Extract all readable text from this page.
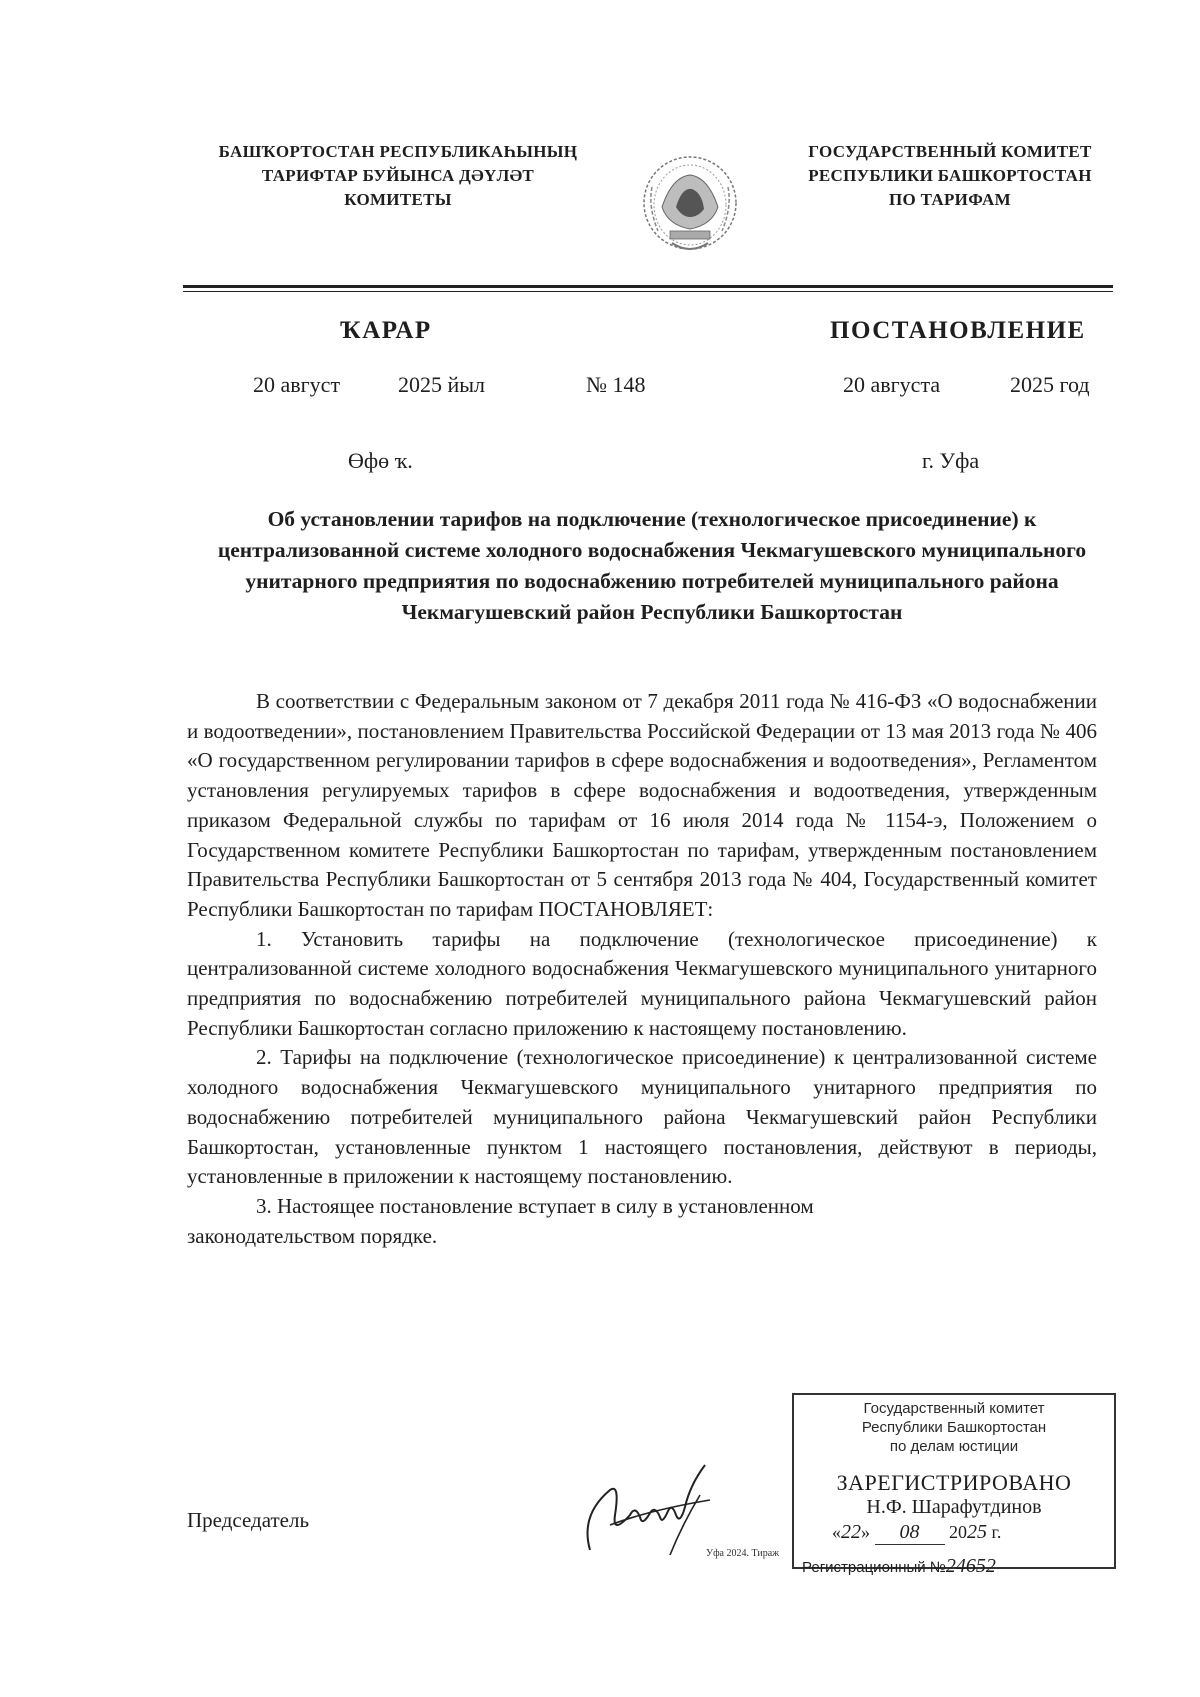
БАШҠОРТОСТАН РЕСПУБЛИКАҺЫНЫҢ
ТАРИФТАР БУЙЫНСА ДӘҮЛӘТ
КОМИТЕТЫ
ГОСУДАРСТВЕННЫЙ КОМИТЕТ
РЕСПУБЛИКИ БАШКОРТОСТАН
ПО ТАРИФАМ
ҠАРАР	ПОСТАНОВЛЕНИЕ
20 август	2025 йыл	№ 148	20 августа	2025 год
Өфө ҡ.	г. Уфа
Об установлении тарифов на подключение (технологическое присоединение) к централизованной системе холодного водоснабжения Чекмагушевского муниципального унитарного предприятия по водоснабжению потребителей муниципального района Чекмагушевский район Республики Башкортостан

В соответствии с Федеральным законом от 7 декабря 2011 года № 416-ФЗ «О водоснабжении и водоотведении», постановлением Правительства Российской Федерации от 13 мая 2013 года № 406 «О государственном регулировании тарифов в сфере водоснабжения и водоотведения», Регламентом установления регулируемых тарифов в сфере водоснабжения и водоотведения, утвержденным приказом Федеральной службы по тарифам от 16 июля 2014 года № 1154-э, Положением о Государственном комитете Республики Башкортостан по тарифам, утвержденным постановлением Правительства Республики Башкортостан от 5 сентября 2013 года № 404, Государственный комитет Республики Башкортостан по тарифам ПОСТАНОВЛЯЕТ:

1. Установить тарифы на подключение (технологическое присоединение) к централизованной системе холодного водоснабжения Чекмагушевского муниципального унитарного предприятия по водоснабжению потребителей муниципального района Чекмагушевский район Республики Башкортостан согласно приложению к настоящему постановлению.

2. Тарифы на подключение (технологическое присоединение) к централизованной системе холодного водоснабжения Чекмагушевского муниципального унитарного предприятия по водоснабжению потребителей муниципального района Чекмагушевский район Республики Башкортостан, установленные пунктом 1 настоящего постановления, действуют в периоды, установленные в приложении к настоящему постановлению.

3. Настоящее постановление вступает в силу в установленном

законодательством порядке.

Председатель
Государственный комитет
Республики Башкортостан
по делам юстиции
ЗАРЕГИСТРИРОВАНО
Н.Ф. Шарафутдинов
«22» 08 2025 г.
Регистрационный №24652
Уфа 2024. Тираж
